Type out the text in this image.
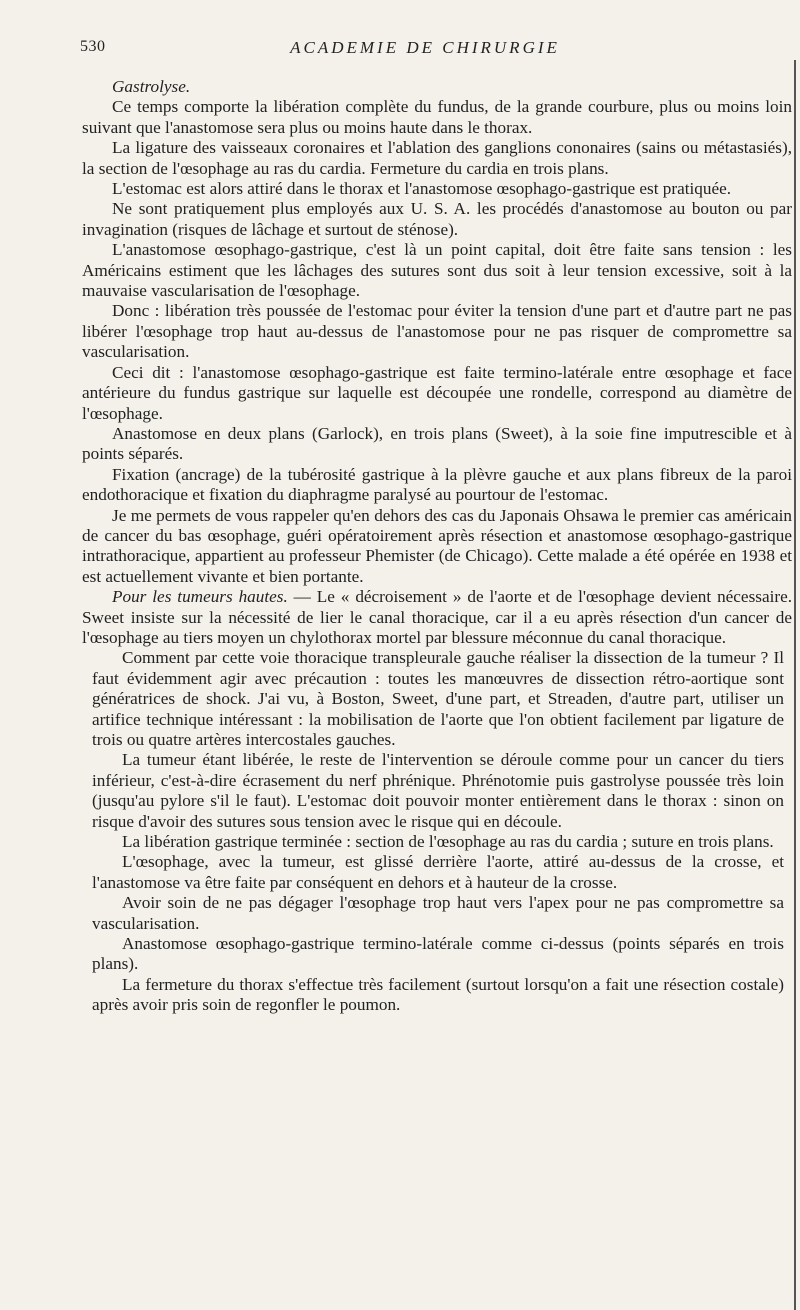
530	ACADEMIE DE CHIRURGIE

Gastrolyse.

Ce temps comporte la libération complète du fundus, de la grande courbure, plus ou moins loin suivant que l'anastomose sera plus ou moins haute dans le thorax.

La ligature des vaisseaux coronaires et l'ablation des ganglions cononaires (sains ou métastasiés), la section de l'œsophage au ras du cardia. Fermeture du cardia en trois plans.

L'estomac est alors attiré dans le thorax et l'anastomose œsophago-gastrique est pratiquée.

Ne sont pratiquement plus employés aux U. S. A. les procédés d'anastomose au bouton ou par invagination (risques de lâchage et surtout de sténose).

L'anastomose œsophago-gastrique, c'est là un point capital, doit être faite sans tension : les Américains estiment que les lâchages des sutures sont dus soit à leur tension excessive, soit à la mauvaise vascularisation de l'œsophage.

Donc : libération très poussée de l'estomac pour éviter la tension d'une part et d'autre part ne pas libérer l'œsophage trop haut au-dessus de l'anastomose pour ne pas risquer de compromettre sa vascularisation.

Ceci dit : l'anastomose œsophago-gastrique est faite termino-latérale entre œsophage et face antérieure du fundus gastrique sur laquelle est découpée une rondelle, correspond au diamètre de l'œsophage.

Anastomose en deux plans (Garlock), en trois plans (Sweet), à la soie fine imputrescible et à points séparés.

Fixation (ancrage) de la tubérosité gastrique à la plèvre gauche et aux plans fibreux de la paroi endothoracique et fixation du diaphragme paralysé au pourtour de l'estomac.

Je me permets de vous rappeler qu'en dehors des cas du Japonais Ohsawa le premier cas américain de cancer du bas œsophage, guéri opératoirement après résection et anastomose œsophago-gastrique intrathoracique, appartient au professeur Phemister (de Chicago). Cette malade a été opérée en 1938 et est actuellement vivante et bien portante.

Pour les tumeurs hautes. — Le « décroisement » de l'aorte et de l'œsophage devient nécessaire. Sweet insiste sur la nécessité de lier le canal thoracique, car il a eu après résection d'un cancer de l'œsophage au tiers moyen un chylothorax mortel par blessure méconnue du canal thoracique.

Comment par cette voie thoracique transpleurale gauche réaliser la dissection de la tumeur ? Il faut évidemment agir avec précaution : toutes les manœuvres de dissection rétro-aortique sont génératrices de shock. J'ai vu, à Boston, Sweet, d'une part, et Streaden, d'autre part, utiliser un artifice technique intéressant : la mobilisation de l'aorte que l'on obtient facilement par ligature de trois ou quatre artères intercostales gauches.

La tumeur étant libérée, le reste de l'intervention se déroule comme pour un cancer du tiers inférieur, c'est-à-dire écrasement du nerf phrénique. Phrénotomie puis gastrolyse poussée très loin (jusqu'au pylore s'il le faut). L'estomac doit pouvoir monter entièrement dans le thorax : sinon on risque d'avoir des sutures sous tension avec le risque qui en découle.

La libération gastrique terminée : section de l'œsophage au ras du cardia ; suture en trois plans.

L'œsophage, avec la tumeur, est glissé derrière l'aorte, attiré au-dessus de la crosse, et l'anastomose va être faite par conséquent en dehors et à hauteur de la crosse.

Avoir soin de ne pas dégager l'œsophage trop haut vers l'apex pour ne pas compromettre sa vascularisation.

Anastomose œsophago-gastrique termino-latérale comme ci-dessus (points séparés en trois plans).

La fermeture du thorax s'effectue très facilement (surtout lorsqu'on a fait une résection costale) après avoir pris soin de regonfler le poumon.
